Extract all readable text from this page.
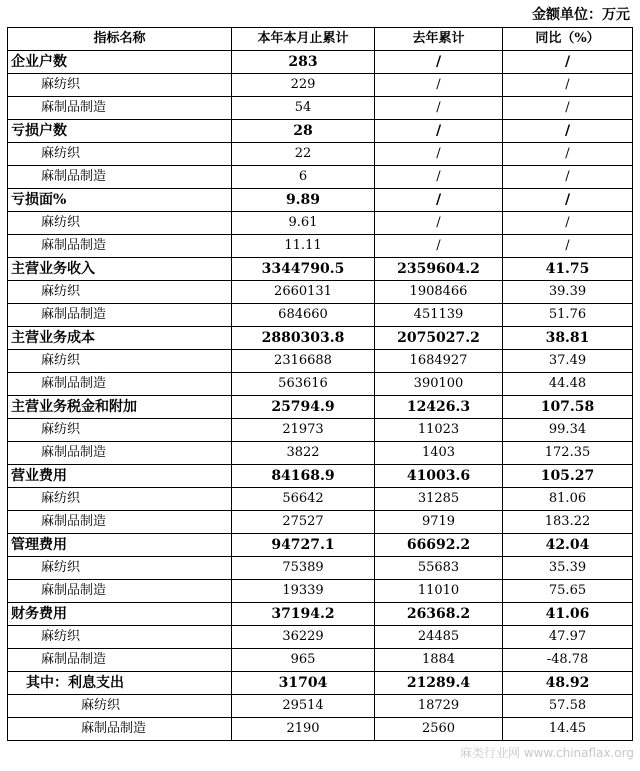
金额单位：万元
指标名称	本年本月止累计	去年累计	同比（%）
企业户数	283	/	/
麻纺织	229	/	/
麻制品制造	54	/	/
亏损户数	28	/	/
麻纺织	22	/	/
麻制品制造	6	/	/
亏损面%	9.89	/	/
麻纺织	9.61	/	/
麻制品制造	11.11	/	/
主营业务收入	3344790.5	2359604.2	41.75
麻纺织	2660131	1908466	39.39
麻制品制造	684660	451139	51.76
主营业务成本	2880303.8	2075027.2	38.81
麻纺织	2316688	1684927	37.49
麻制品制造	563616	390100	44.48
主营业务税金和附加	25794.9	12426.3	107.58
麻纺织	21973	11023	99.34
麻制品制造	3822	1403	172.35
营业费用	84168.9	41003.6	105.27
麻纺织	56642	31285	81.06
麻制品制造	27527	9719	183.22
管理费用	94727.1	66692.2	42.04
麻纺织	75389	55683	35.39
麻制品制造	19339	11010	75.65
财务费用	37194.2	26368.2	41.06
麻纺织	36229	24485	47.97
麻制品制造	965	1884	-48.78
其中：利息支出	31704	21289.4	48.92
麻纺织	29514	18729	57.58
麻制品制造	2190	2560	14.45
麻类行业网 www.chinaflax.org
